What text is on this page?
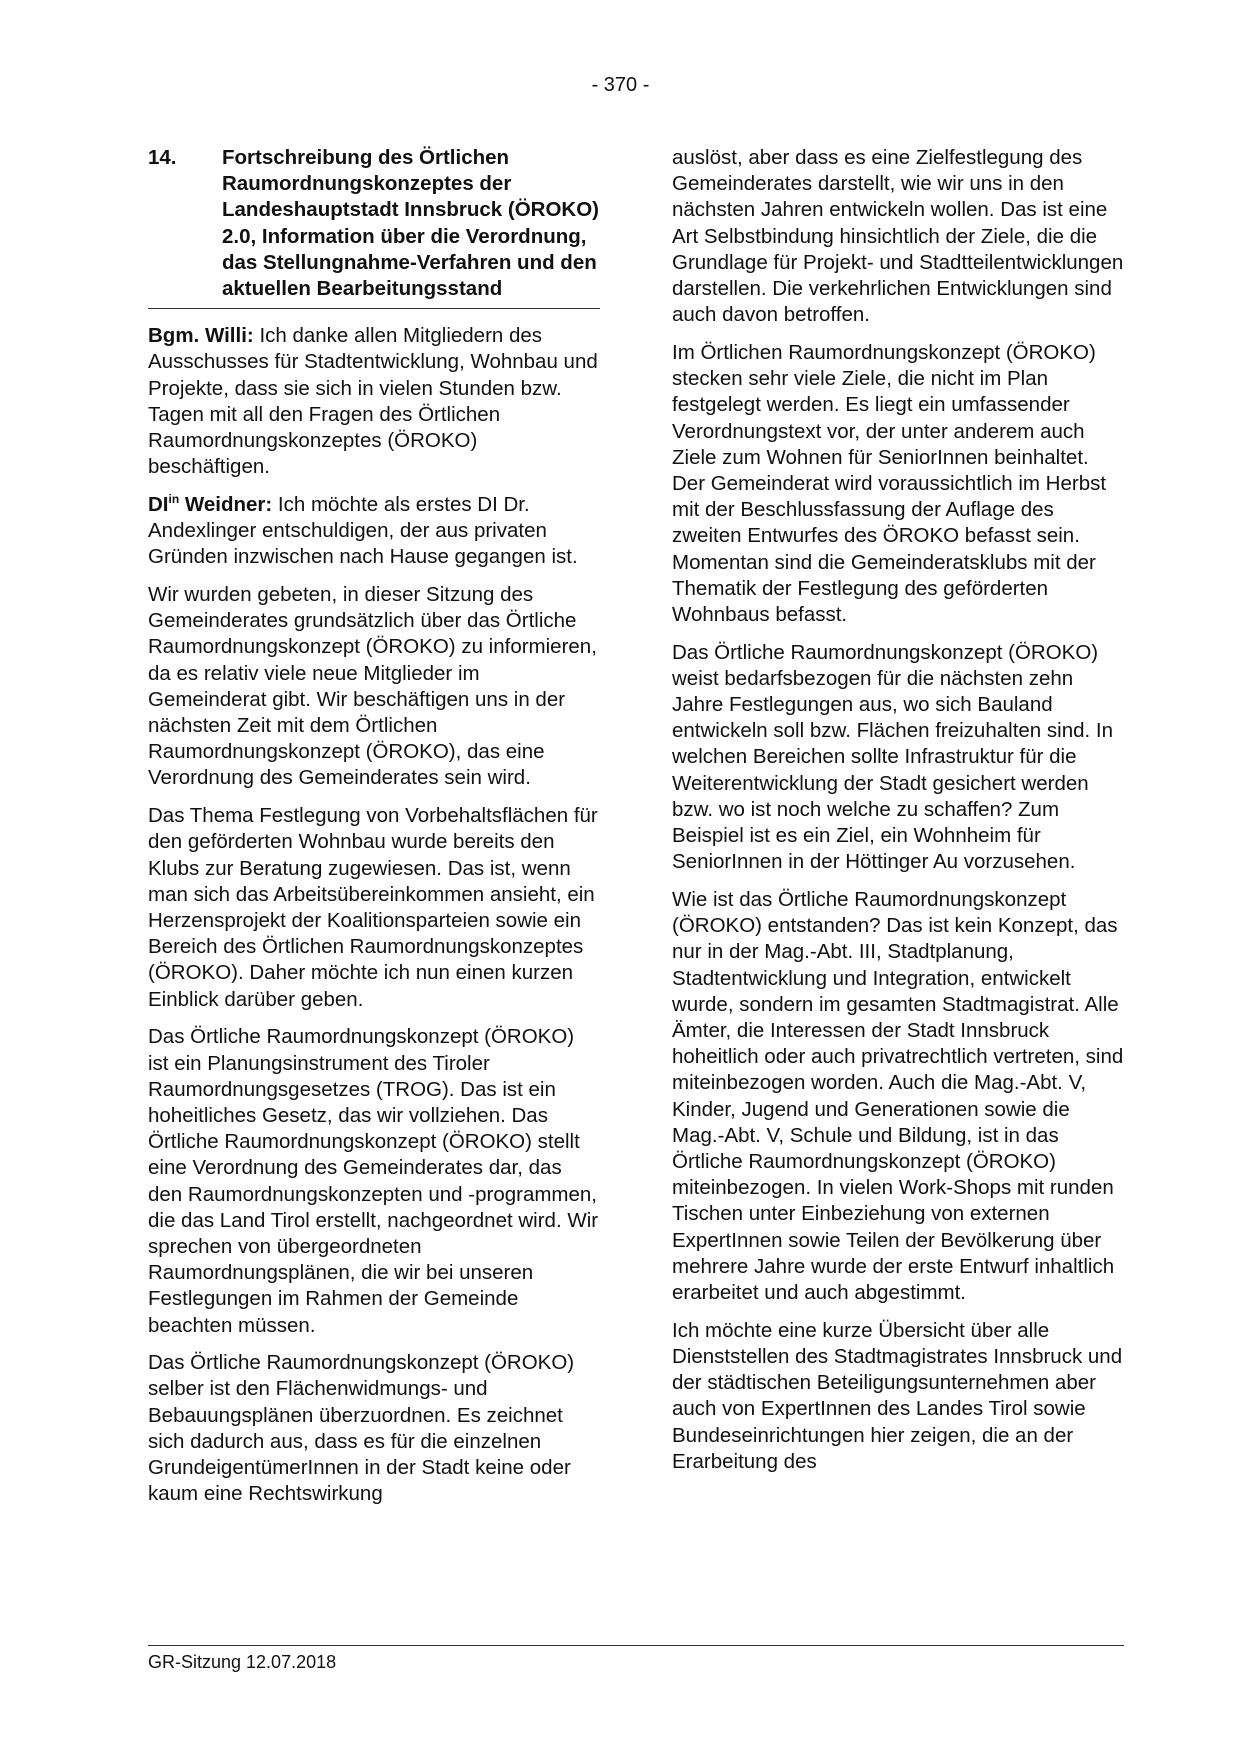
- 370 -
14.	Fortschreibung des Örtlichen Raumordnungskonzeptes der Landeshauptstadt Innsbruck (ÖROKO) 2.0, Information über die Verordnung, das Stellungnahme-Verfahren und den aktuellen Bearbeitungsstand

Bgm. Willi: Ich danke allen Mitgliedern des Ausschusses für Stadtentwicklung, Wohnbau und Projekte, dass sie sich in vielen Stunden bzw. Tagen mit all den Fragen des Örtlichen Raumordnungskonzeptes (ÖROKO) beschäftigen.

$DI^{in}$ Weidner: Ich möchte als erstes DI Dr. Andexlinger entschuldigen, der aus privaten Gründen inzwischen nach Hause gegangen ist.

Wir wurden gebeten, in dieser Sitzung des Gemeinderates grundsätzlich über das Örtliche Raumordnungskonzept (ÖROKO) zu informieren, da es relativ viele neue Mitglieder im Gemeinderat gibt. Wir beschäftigen uns in der nächsten Zeit mit dem Örtlichen Raumordnungskonzept (ÖROKO), das eine Verordnung des Gemeinderates sein wird.

Das Thema Festlegung von Vorbehaltsflächen für den geförderten Wohnbau wurde bereits den Klubs zur Beratung zugewiesen. Das ist, wenn man sich das Arbeitsübereinkommen ansieht, ein Herzensprojekt der Koalitionsparteien sowie ein Bereich des Örtlichen Raumordnungskonzeptes (ÖROKO). Daher möchte ich nun einen kurzen Einblick darüber geben.

Das Örtliche Raumordnungskonzept (ÖROKO) ist ein Planungsinstrument des Tiroler Raumordnungsgesetzes (TROG). Das ist ein hoheitliches Gesetz, das wir vollziehen. Das Örtliche Raumordnungskonzept (ÖROKO) stellt eine Verordnung des Gemeinderates dar, das den Raumordnungskonzepten und -programmen, die das Land Tirol erstellt, nachgeordnet wird. Wir sprechen von übergeordneten Raumordnungsplänen, die wir bei unseren Festlegungen im Rahmen der Gemeinde beachten müssen.

Das Örtliche Raumordnungskonzept (ÖROKO) selber ist den Flächenwidmungs- und Bebauungsplänen überzuordnen. Es zeichnet sich dadurch aus, dass es für die einzelnen GrundeigentümerInnen in der Stadt keine oder kaum eine Rechtswirkung

auslöst, aber dass es eine Zielfestlegung des Gemeinderates darstellt, wie wir uns in den nächsten Jahren entwickeln wollen. Das ist eine Art Selbstbindung hinsichtlich der Ziele, die die Grundlage für Projekt- und Stadtteilentwicklungen darstellen. Die verkehrlichen Entwicklungen sind auch davon betroffen.

Im Örtlichen Raumordnungskonzept (ÖROKO) stecken sehr viele Ziele, die nicht im Plan festgelegt werden. Es liegt ein umfassender Verordnungstext vor, der unter anderem auch Ziele zum Wohnen für SeniorInnen beinhaltet. Der Gemeinderat wird voraussichtlich im Herbst mit der Beschlussfassung der Auflage des zweiten Entwurfes des ÖROKO befasst sein. Momentan sind die Gemeinderatsklubs mit der Thematik der Festlegung des geförderten Wohnbaus befasst.

Das Örtliche Raumordnungskonzept (ÖROKO) weist bedarfsbezogen für die nächsten zehn Jahre Festlegungen aus, wo sich Bauland entwickeln soll bzw. Flächen freizuhalten sind. In welchen Bereichen sollte Infrastruktur für die Weiterentwicklung der Stadt gesichert werden bzw. wo ist noch welche zu schaffen? Zum Beispiel ist es ein Ziel, ein Wohnheim für SeniorInnen in der Höttinger Au vorzusehen.

Wie ist das Örtliche Raumordnungskonzept (ÖROKO) entstanden? Das ist kein Konzept, das nur in der Mag.-Abt. III, Stadtplanung, Stadtentwicklung und Integration, entwickelt wurde, sondern im gesamten Stadtmagistrat. Alle Ämter, die Interessen der Stadt Innsbruck hoheitlich oder auch privatrechtlich vertreten, sind miteinbezogen worden. Auch die Mag.-Abt. V, Kinder, Jugend und Generationen sowie die Mag.-Abt. V, Schule und Bildung, ist in das Örtliche Raumordnungskonzept (ÖROKO) miteinbezogen. In vielen Work-Shops mit runden Tischen unter Einbeziehung von externen ExpertInnen sowie Teilen der Bevölkerung über mehrere Jahre wurde der erste Entwurf inhaltlich erarbeitet und auch abgestimmt.

Ich möchte eine kurze Übersicht über alle Dienststellen des Stadtmagistrates Innsbruck und der städtischen Beteiligungsunternehmen aber auch von ExpertInnen des Landes Tirol sowie Bundeseinrichtungen hier zeigen, die an der Erarbeitung des

GR-Sitzung 12.07.2018
